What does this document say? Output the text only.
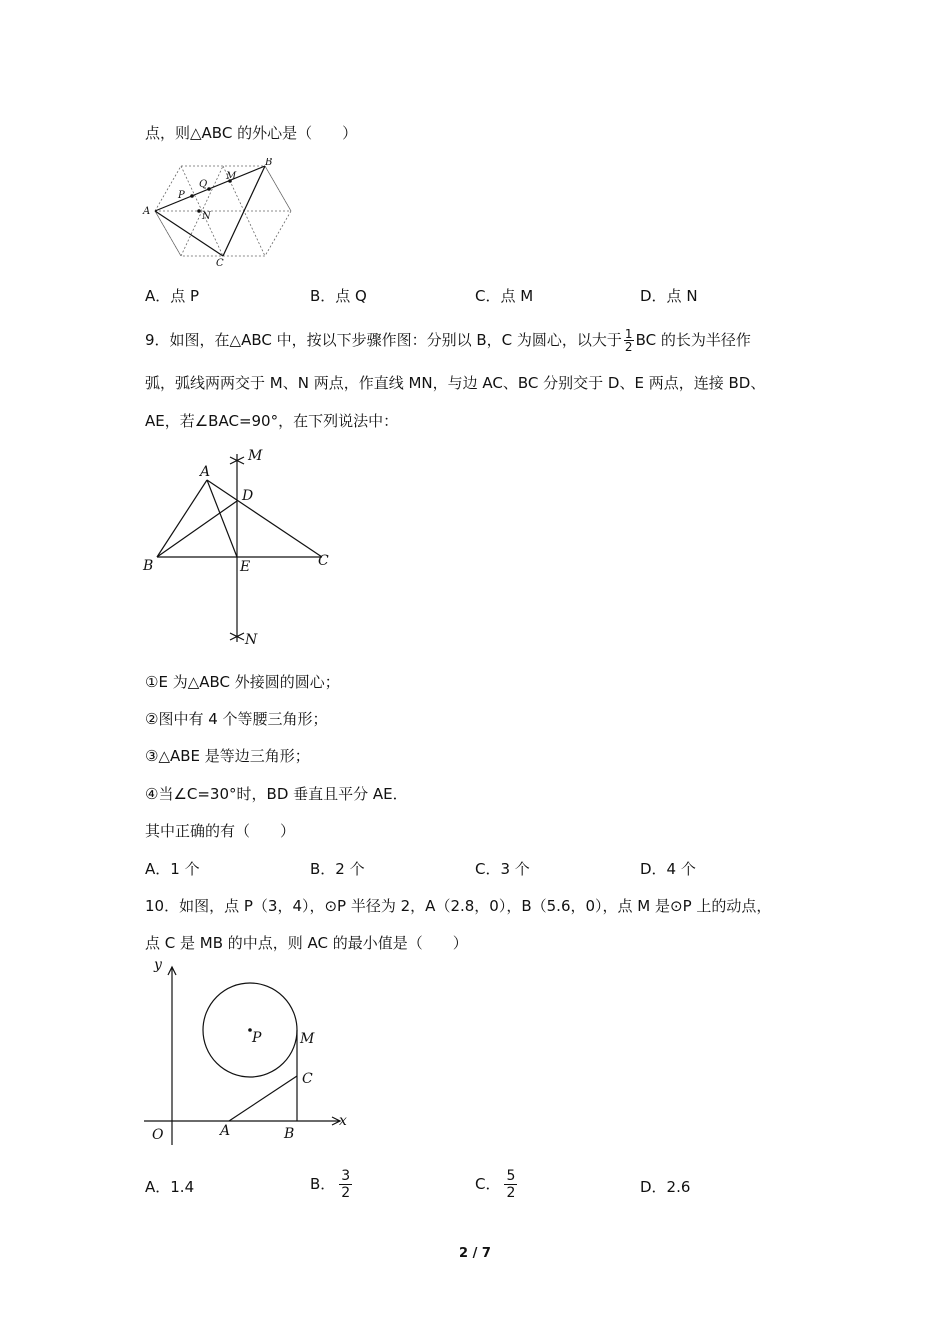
点，则△ABC 的外心是（　　）
A
B
C
P
Q
M
N
A．点 P	B．点 Q	C．点 M	D．点 N
9．如图，在△ABC 中，按以下步骤作图：分别以 B，C 为圆心，以大于 $\frac{1}{2}$ BC 的长为半径作
弧，弧线两两交于 M、N 两点，作直线 MN，与边 AC、BC 分别交于 D、E 两点，连接 BD、
AE，若∠BAC=90°，在下列说法中：
A
B	C
D
E
M
N
①E 为△ABC 外接圆的圆心；
②图中有 4 个等腰三角形；
③△ABE 是等边三角形；
④当∠C=30°时，BD 垂直且平分 AE．
其中正确的有（　　）
A．1 个	B．2 个	C．3 个	D．4 个
10．如图，点 P（3，4），⊙P 半径为 2，A（2.8，0），B（5.6，0），点 M 是⊙P 上的动点，
点 C 是 MB 的中点，则 AC 的最小值是（　　）
y
x
O
P	M
C
A	B
A．1.4	B． $\frac{3}{2}$	C． $\frac{5}{2}$	D．2.6
2 / 7
